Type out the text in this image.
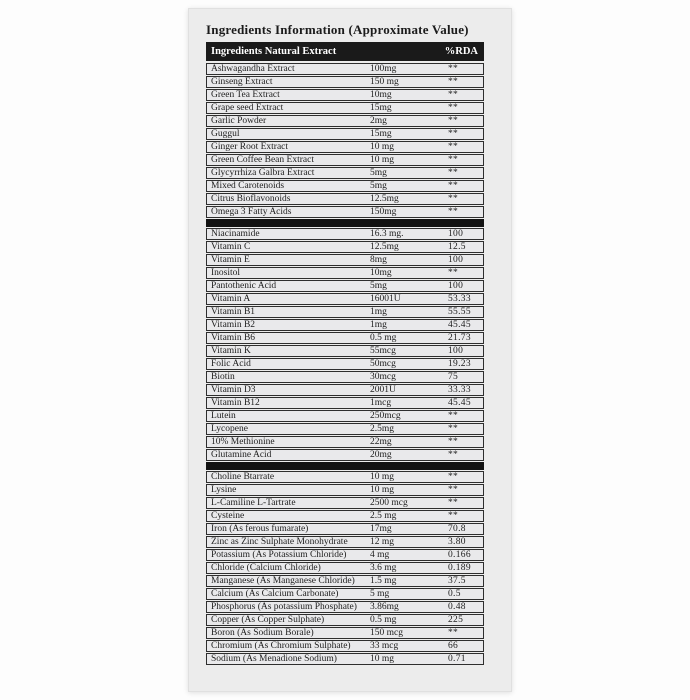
Ingredients Information (Approximate Value)
Ingredients Natural Extract	%RDA
Ashwagandha Extract	100mg	**
Ginseng Extract	150 mg	**
Green Tea Extract	10mg	**
Grape seed Extract	15mg	**
Garlic Powder	2mg	**
Guggul	15mg	**
Ginger Root Extract	10 mg	**
Green Coffee Bean Extract	10 mg	**
Glycyrrhiza Galbra Extract	5mg	**
Mixed Carotenoids	5mg	**
Citrus Bioflavonoids	12.5mg	**
Omega 3 Fatty Acids	150mg	**
Niacinamide	16.3 mg.	100
Vitamin C	12.5mg	12.5
Vitamin E	8mg	100
Inositol	10mg	**
Pantothenic Acid	5mg	100
Vitamin A	16001U	53.33
Vitamin B1	1mg	55.55
Vitamin B2	1mg	45.45
Vitamin B6	0.5 mg	21.73
Vitamin K	55mcg	100
Folic Acid	50mcg	19.23
Biotin	30mcg	75
Vitamin D3	2001U	33.33
Vitamin B12	1mcg	45.45
Lutein	250mcg	**
Lycopene	2.5mg	**
10% Methionine	22mg	**
Glutamine Acid	20mg	**
Choline Btarrate	10 mg	**
Lysine	10 mg	**
L-Camiline L-Tartrate	2500 mcg	**
Cysteine	2.5 mg	**
Iron (As ferous fumarate)	17mg	70.8
Zinc as Zinc Sulphate Monohydrate	12 mg	3.80
Potassium (As Potassium Chloride)	4 mg	0.166
Chloride (Calcium Chloride)	3.6 mg	0.189
Manganese (As Manganese Chloride)	1.5 mg	37.5
Calcium (As Calcium Carbonate)	5 mg	0.5
Phosphorus (As potassium Phosphate)	3.86mg	0.48
Copper (As Copper Sulphate)	0.5 mg	225
Boron (As Sodium Borale)	150 mcg	**
Chromium (As Chromium Sulphate)	33 mcg	66
Sodium (As Menadione Sodium)	10 mg	0.71
